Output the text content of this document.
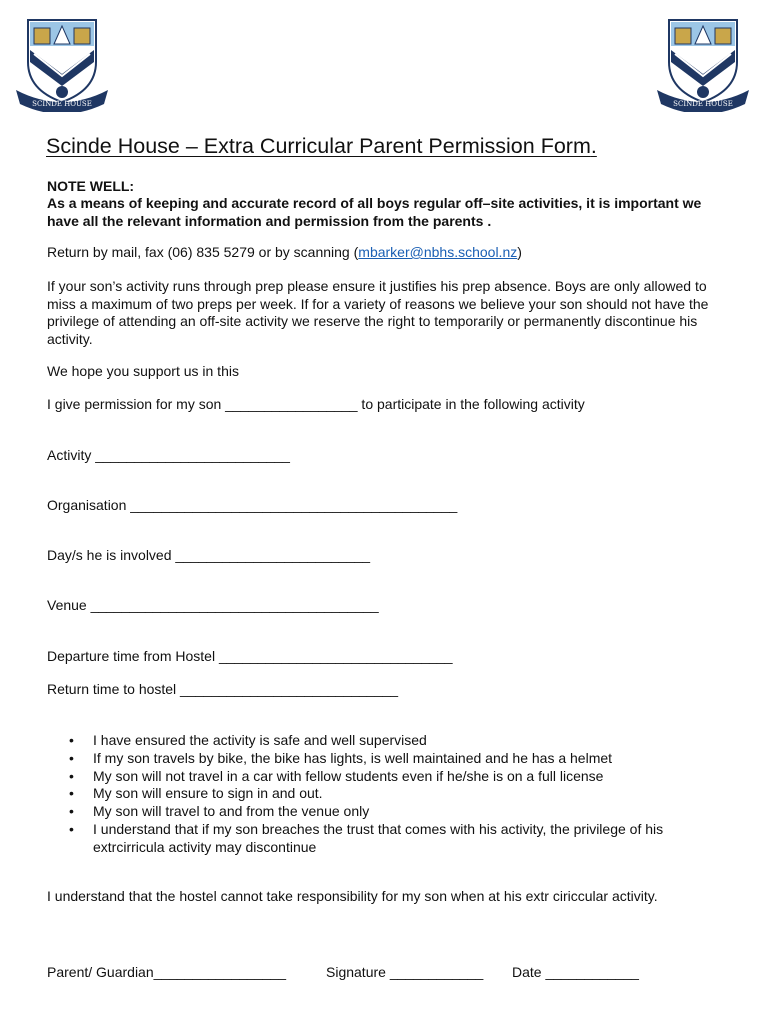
SCINDE HOUSE	SCINDE HOUSE
Scinde House – Extra Curricular Parent Permission Form.

NOTE WELL:

As a means of keeping and accurate record of all boys regular off–site activities, it is important we have all the relevant information and permission from the parents .

Return by mail, fax (06) 835 5279 or by scanning (mbarker@nbhs.school.nz)

If your son’s activity runs through prep please ensure it justifies his prep absence. Boys are only allowed to miss a maximum of two preps per week. If for a variety of reasons we believe your son should not have the privilege of attending an off-site activity we reserve the right to temporarily or permanently discontinue his activity.

We hope you support us in this

I give permission for my son _________________ to participate in the following activity

Activity _________________________

Organisation __________________________________________

Day/s he is involved _________________________

Venue _____________________________________

Departure time from Hostel ______________________________

Return time to hostel ____________________________

• I have ensured the activity is safe and well supervised
• If my son travels by bike, the bike has lights, is well maintained and he has a helmet
• My son will not travel in a car with fellow students even if he/she is on a full license
• My son will ensure to sign in and out.
• My son will travel to and from the venue only
• I understand that if my son breaches the trust that comes with his activity, the privilege of his extrcirricula activity may discontinue

I understand that the hostel cannot take responsibility for my son when at his extr ciriccular activity.

Parent/ Guardian_________________	Signature ____________ Date ____________
